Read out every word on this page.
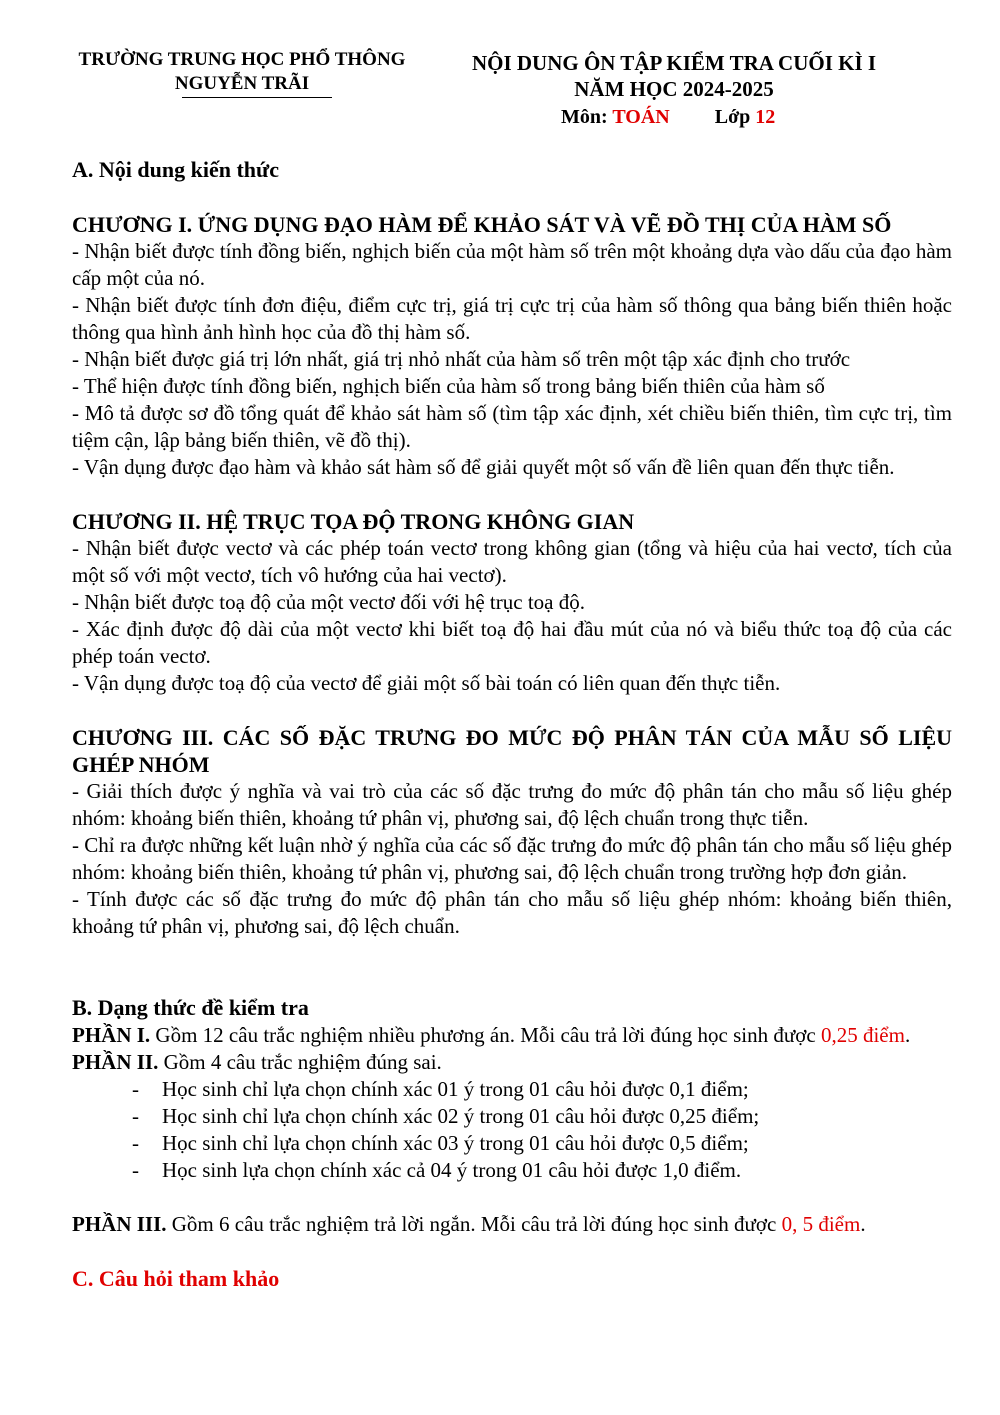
TRƯỜNG TRUNG HỌC PHỔ THÔNG
NGUYỄN TRÃI
NỘI DUNG ÔN TẬP KIỂM TRA CUỐI KÌ I
NĂM HỌC 2024-2025
Môn: TOÁN Lớp 12
A. Nội dung kiến thức
CHƯƠNG I. ỨNG DỤNG ĐẠO HÀM ĐỂ KHẢO SÁT VÀ VẼ ĐỒ THỊ CỦA HÀM SỐ

- Nhận biết được tính đồng biến, nghịch biến của một hàm số trên một khoảng dựa vào dấu của đạo hàm cấp một của nó.

- Nhận biết được tính đơn điệu, điểm cực trị, giá trị cực trị của hàm số thông qua bảng biến thiên hoặc thông qua hình ảnh hình học của đồ thị hàm số.

- Nhận biết được giá trị lớn nhất, giá trị nhỏ nhất của hàm số trên một tập xác định cho trước

- Thể hiện được tính đồng biến, nghịch biến của hàm số trong bảng biến thiên của hàm số

- Mô tả được sơ đồ tổng quát để khảo sát hàm số (tìm tập xác định, xét chiều biến thiên, tìm cực trị, tìm tiệm cận, lập bảng biến thiên, vẽ đồ thị).

- Vận dụng được đạo hàm và khảo sát hàm số để giải quyết một số vấn đề liên quan đến thực tiễn.

CHƯƠNG II. HỆ TRỤC TỌA ĐỘ TRONG KHÔNG GIAN

- Nhận biết được vectơ và các phép toán vectơ trong không gian (tổng và hiệu của hai vectơ, tích của một số với một vectơ, tích vô hướng của hai vectơ).

- Nhận biết được toạ độ của một vectơ đối với hệ trục toạ độ.

- Xác định được độ dài của một vectơ khi biết toạ độ hai đầu mút của nó và biểu thức toạ độ của các phép toán vectơ.

- Vận dụng được toạ độ của vectơ để giải một số bài toán có liên quan đến thực tiễn.

CHƯƠNG III. CÁC SỐ ĐẶC TRƯNG ĐO MỨC ĐỘ PHÂN TÁN CỦA MẪU SỐ LIỆU GHÉP NHÓM

- Giải thích được ý nghĩa và vai trò của các số đặc trưng đo mức độ phân tán cho mẫu số liệu ghép nhóm: khoảng biến thiên, khoảng tứ phân vị, phương sai, độ lệch chuẩn trong thực tiễn.

- Chỉ ra được những kết luận nhờ ý nghĩa của các số đặc trưng đo mức độ phân tán cho mẫu số liệu ghép nhóm: khoảng biến thiên, khoảng tứ phân vị, phương sai, độ lệch chuẩn trong trường hợp đơn giản.

- Tính được các số đặc trưng đo mức độ phân tán cho mẫu số liệu ghép nhóm: khoảng biến thiên, khoảng tứ phân vị, phương sai, độ lệch chuẩn.

B. Dạng thức đề kiểm tra

PHẦN I. Gồm 12 câu trắc nghiệm nhiều phương án. Mỗi câu trả lời đúng học sinh được 0,25 điểm.

PHẦN II. Gồm 4 câu trắc nghiệm đúng sai.

- Học sinh chỉ lựa chọn chính xác 01 ý trong 01 câu hỏi được 0,1 điểm;
- Học sinh chỉ lựa chọn chính xác 02 ý trong 01 câu hỏi được 0,25 điểm;
- Học sinh chỉ lựa chọn chính xác 03 ý trong 01 câu hỏi được 0,5 điểm;
- Học sinh lựa chọn chính xác cả 04 ý trong 01 câu hỏi được 1,0 điểm.

PHẦN III. Gồm 6 câu trắc nghiệm trả lời ngắn. Mỗi câu trả lời đúng học sinh được 0, 5 điểm.

C. Câu hỏi tham khảo
